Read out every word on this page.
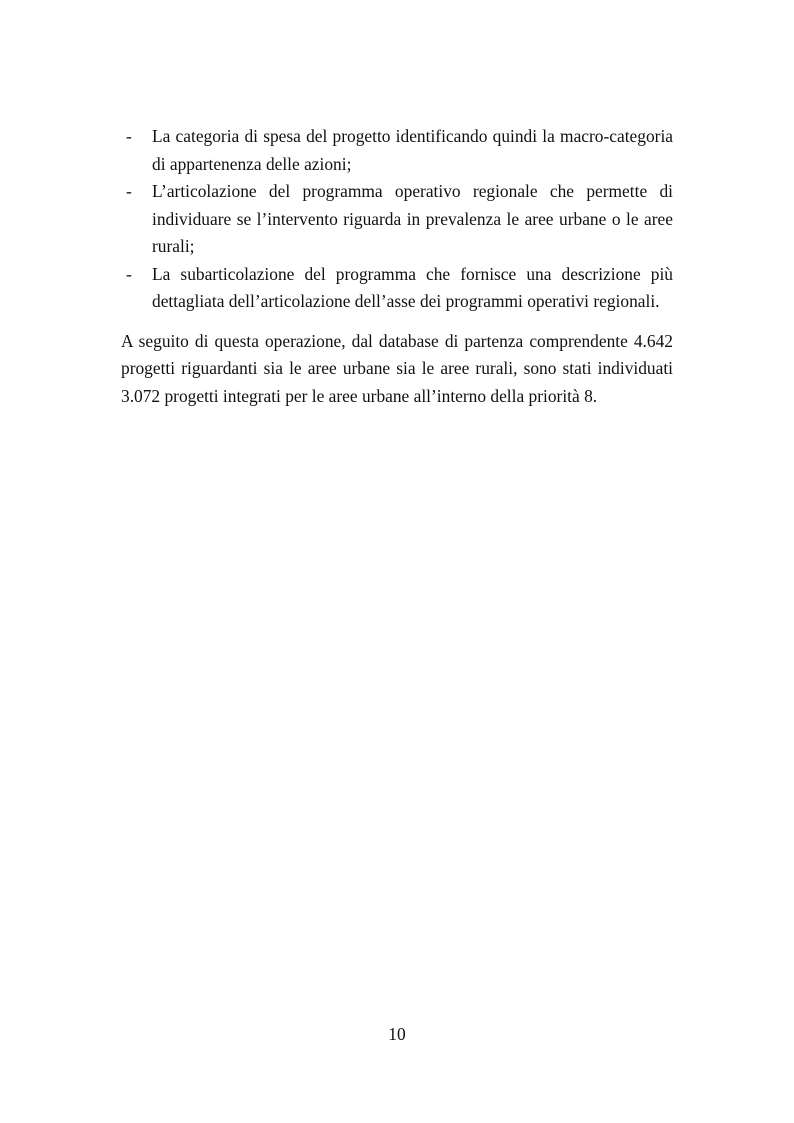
- La categoria di spesa del progetto identificando quindi la macro-categoria di appartenenza delle azioni;
- L’articolazione del programma operativo regionale che permette di individuare se l’intervento riguarda in prevalenza le aree urbane o le aree rurali;
- La subarticolazione del programma che fornisce una descrizione più dettagliata dell’articolazione dell’asse dei programmi operativi regionali.

A seguito di questa operazione, dal database di partenza comprendente 4.642 progetti riguardanti sia le aree urbane sia le aree rurali, sono stati individuati 3.072 progetti integrati per le aree urbane all’interno della priorità 8.

10
